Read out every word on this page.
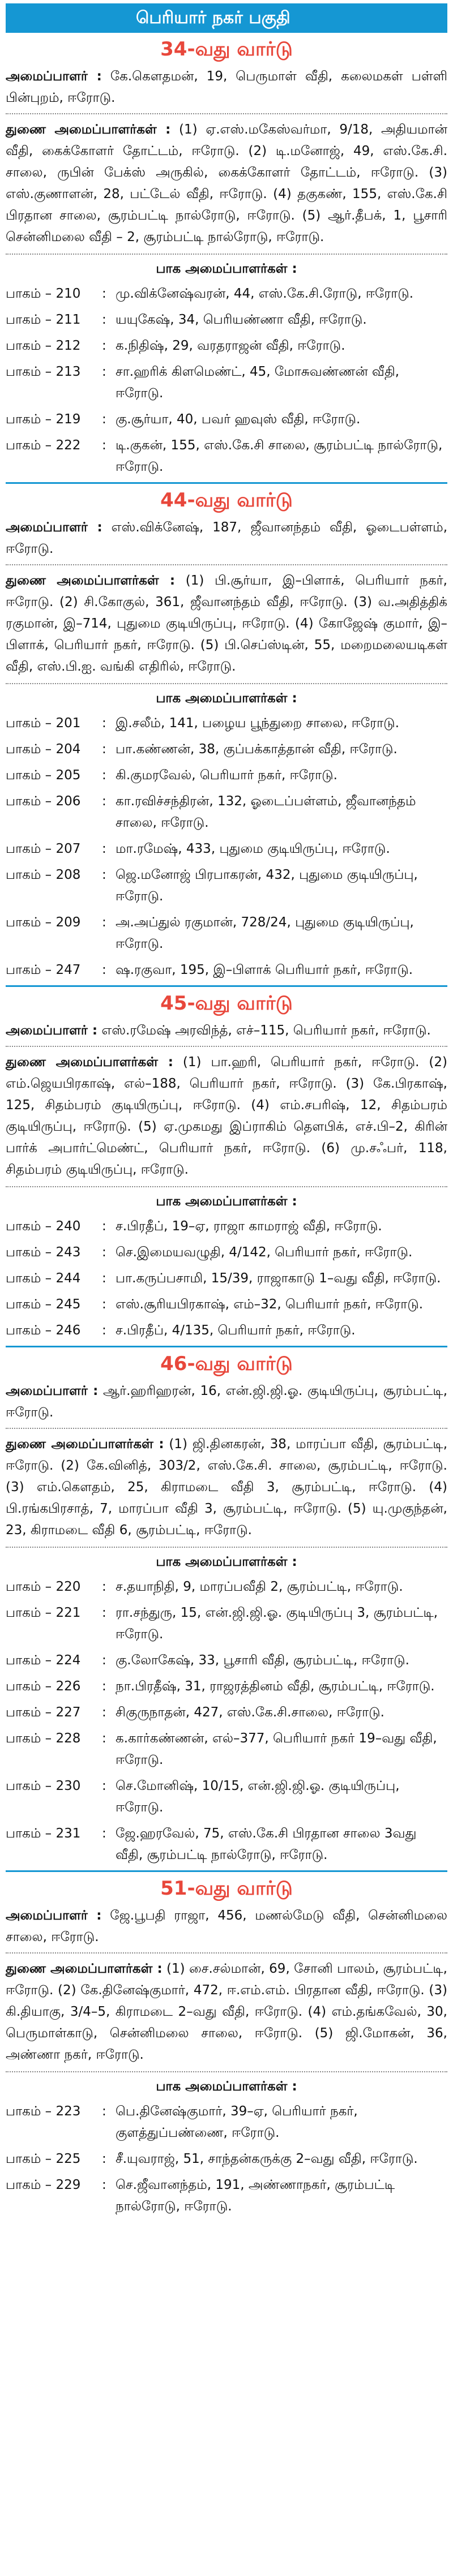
பெரியார் நகர் பகுதி
34-வது வார்டு
அமைப்பாளர் : கே.கௌதமன், 19, பெருமாள் வீதி, கலைமகள் பள்ளி பின்புறம், ஈரோடு.
துணை அமைப்பாளர்கள் : (1) ஏ.எஸ்.மகேஸ்வர்மா, 9/18, அதியமான் வீதி, கைக்கோளர் தோட்டம், ஈரோடு. (2) டி.மனோஜ், 49, எஸ்.கே.சி. சாலை, ருபின் பேக்ஸ் அருகில், கைக்கோளர் தோட்டம், ஈரோடு. (3) எஸ்.குணாளன், 28, பட்டேல் வீதி, ஈரோடு. (4) தகுகண், 155, எஸ்.கே.சி பிரதான சாலை, சூரம்பட்டி நால்ரோடு, ஈரோடு. (5) ஆர்.தீபக், 1, பூசாரி சென்னிமலை வீதி – 2, சூரம்பட்டி நால்ரோடு, ஈரோடு.
பாக அமைப்பாளர்கள் :
பாகம் – 210	: மு.விக்னேஷ்வரன், 44, எஸ்.கே.சி.ரோடு, ஈரோடு.
பாகம் – 211	: யயுகேஷ், 34, பெரியண்ணா வீதி, ஈரோடு.
பாகம் – 212	: க.நிதிஷ், 29, வரதராஜன் வீதி, ஈரோடு.
பாகம் – 213	: சா.ஹரிக் கிளமெண்ட், 45, மோசுவண்ணன் வீதி, ஈரோடு.
பாகம் – 219	: கு.சூர்யா, 40, பவர் ஹவுஸ் வீதி, ஈரோடு.
பாகம் – 222	: டி.குகன், 155, எஸ்.கே.சி சாலை, சூரம்பட்டி நால்ரோடு, ஈரோடு.
44-வது வார்டு
அமைப்பாளர் : எஸ்.விக்னேஷ், 187, ஜீவானந்தம் வீதி, ஓடைபள்ளம், ஈரோடு.
துணை அமைப்பாளர்கள் : (1) பி.சூர்யா, இ–பிளாக், பெரியார் நகர், ஈரோடு. (2) சி.கோகுல், 361, ஜீவானந்தம் வீதி, ஈரோடு. (3) வ.அதித்திக் ரகுமான், இ–714, புதுமை குடியிருப்பு, ஈரோடு. (4) கோஜேஷ் குமார், இ–பிளாக், பெரியார் நகர், ஈரோடு. (5) பி.செப்ஸ்டின், 55, மறைமலையடிகள் வீதி, எஸ்.பி.ஐ. வங்கி எதிரில், ஈரோடு.
பாக அமைப்பாளர்கள் :
பாகம் – 201	: இ.சலீம், 141, பழைய பூந்துறை சாலை, ஈரோடு.
பாகம் – 204	: பா.கண்ணன், 38, குப்பக்காத்தான் வீதி, ஈரோடு.
பாகம் – 205	: கி.குமரவேல், பெரியார் நகர், ஈரோடு.
பாகம் – 206	: கா.ரவிச்சந்திரன், 132, ஓடைப்பள்ளம், ஜீவானந்தம் சாலை, ஈரோடு.
பாகம் – 207	: மா.ரமேஷ், 433, புதுமை குடியிருப்பு, ஈரோடு.
பாகம் – 208	: ஜெ.மனோஜ் பிரபாகரன், 432, புதுமை குடியிருப்பு, ஈரோடு.
பாகம் – 209	: அ.அப்துல் ரகுமான், 728/24, புதுமை குடியிருப்பு, ஈரோடு.
பாகம் – 247	: ஷ.ரகுவா, 195, இ–பிளாக் பெரியார் நகர், ஈரோடு.
45-வது வார்டு
அமைப்பாளர் : எஸ்.ரமேஷ் அரவிந்த், எச்–115, பெரியார் நகர், ஈரோடு.
துணை அமைப்பாளர்கள் : (1) பா.ஹரி, பெரியார் நகர், ஈரோடு. (2) எம்.ஜெயபிரகாஷ், எல்–188, பெரியார் நகர், ஈரோடு. (3) கே.பிரகாஷ், 125, சிதம்பரம் குடியிருப்பு, ஈரோடு. (4) எம்.சபரிஷ், 12, சிதம்பரம் குடியிருப்பு, ஈரோடு. (5) ஏ.முகமது இப்ராகிம் தௌபிக், எச்.பி–2, கிரின் பார்க் அபார்ட்மெண்ட், பெரியார் நகர், ஈரோடு. (6) மு.சஃபர், 118, சிதம்பரம் குடியிருப்பு, ஈரோடு.
பாக அமைப்பாளர்கள் :
பாகம் – 240	: ச.பிரதீப், 19–ஏ, ராஜா காமராஜ் வீதி, ஈரோடு.
பாகம் – 243	: செ.இமையவழுதி, 4/142, பெரியார் நகர், ஈரோடு.
பாகம் – 244	: பா.கருப்பசாமி, 15/39, ராஜாகாடு 1–வது வீதி, ஈரோடு.
பாகம் – 245	: எஸ்.சூரியபிரகாஷ், எம்–32, பெரியார் நகர், ஈரோடு.
பாகம் – 246	: ச.பிரதீப், 4/135, பெரியார் நகர், ஈரோடு.
46-வது வார்டு
அமைப்பாளர் : ஆர்.ஹரிஹரன், 16, என்.ஜி.ஜி.ஓ. குடியிருப்பு, சூரம்பட்டி, ஈரோடு.
துணை அமைப்பாளர்கள் : (1) ஜி.தினகரன், 38, மாரப்பா வீதி, சூரம்பட்டி, ஈரோடு. (2) கே.வினித், 303/2, எஸ்.கே.சி. சாலை, சூரம்பட்டி, ஈரோடு. (3) எம்.கௌதம், 25, கிராமடை வீதி 3, சூரம்பட்டி, ஈரோடு. (4) பி.ரங்கபிரசாத், 7, மாரப்பா வீதி 3, சூரம்பட்டி, ஈரோடு. (5) யு.முகுந்தன், 23, கிராமடை வீதி 6, சூரம்பட்டி, ஈரோடு.
பாக அமைப்பாளர்கள் :
பாகம் – 220	: ச.தயாநிதி, 9, மாரப்பவீதி 2, சூரம்பட்டி, ஈரோடு.
பாகம் – 221	: ரா.சந்துரு, 15, என்.ஜி.ஜி.ஓ. குடியிருப்பு 3, சூரம்பட்டி, ஈரோடு.
பாகம் – 224	: கு.லோகேஷ், 33, பூசாரி வீதி, சூரம்பட்டி, ஈரோடு.
பாகம் – 226	: நா.பிரதீஷ், 31, ராஜரத்தினம் வீதி, சூரம்பட்டி, ஈரோடு.
பாகம் – 227	: சிகுருநாதன், 427, எஸ்.கே.சி.சாலை, ஈரோடு.
பாகம் – 228	: க.கார்கண்ணன், எல்–377, பெரியார் நகர் 19–வது வீதி, ஈரோடு.
பாகம் – 230	: செ.மோனிஷ், 10/15, என்.ஜி.ஜி.ஓ. குடியிருப்பு, ஈரோடு.
பாகம் – 231	: ஜே.ஹரவேல், 75, எஸ்.கே.சி பிரதான சாலை 3வது வீதி, சூரம்பட்டி நால்ரோடு, ஈரோடு.
51-வது வார்டு
அமைப்பாளர் : ஜே.பூபதி ராஜா, 456, மணல்மேடு வீதி, சென்னிமலை சாலை, ஈரோடு.
துணை அமைப்பாளர்கள் : (1) சை.சல்மான், 69, சோனி பாலம், சூரம்பட்டி, ஈரோடு. (2) கே.தினேஷ்குமார், 472, ஈ.எம்.எம். பிரதான வீதி, ஈரோடு. (3) கி.தியாகு, 3/4–5, கிராமடை 2–வது வீதி, ஈரோடு. (4) எம்.தங்கவேல், 30, பெருமாள்காடு, சென்னிமலை சாலை, ஈரோடு. (5) ஜி.மோகன், 36, அண்ணா நகர், ஈரோடு.
பாக அமைப்பாளர்கள் :
பாகம் – 223	: பெ.தினேஷ்குமார், 39–ஏ, பெரியார் நகர், குளத்துப்பண்ணை, ஈரோடு.
பாகம் – 225	: சீ.யுவராஜ், 51, சாந்தன்கருக்கு 2–வது வீதி, ஈரோடு.
பாகம் – 229	: செ.ஜீவானந்தம், 191, அண்ணாநகர், சூரம்பட்டி நால்ரோடு, ஈரோடு.
